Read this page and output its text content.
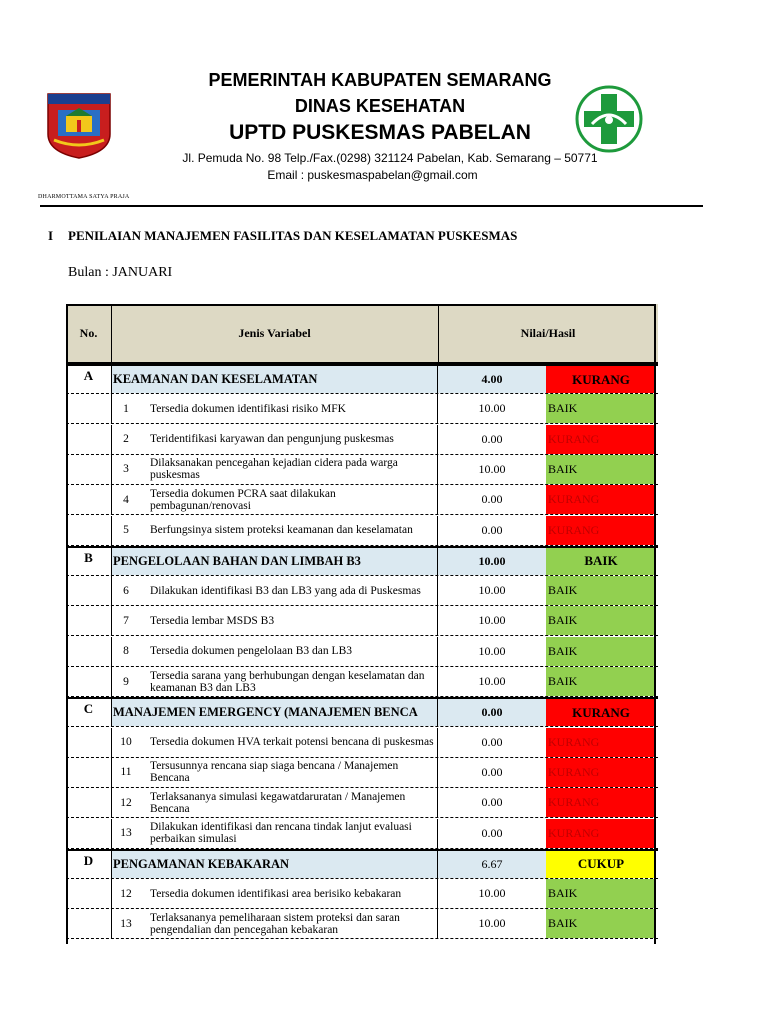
DHARMOTTAMA SATYA PRAJA
PEMERINTAH KABUPATEN SEMARANG
DINAS KESEHATAN
UPTD PUSKESMAS PABELAN
Jl. Pemuda No. 98 Telp./Fax.(0298) 321124 Pabelan, Kab. Semarang – 50771
Email : puskesmaspabelan@gmail.com
I PENILAIAN MANAJEMEN FASILITAS DAN KESELAMATAN PUSKESMAS
Bulan : JANUARI
No.	Jenis Variabel	Nilai/Hasil
A	KEAMANAN DAN KESELAMATAN	4.00	KURANG
1	Tersedia dokumen identifikasi risiko MFK	10.00	BAIK
2	Teridentifikasi karyawan dan pengunjung puskesmas	0.00	KURANG
3	Dilaksanakan pencegahan kejadian cidera pada warga puskesmas	10.00	BAIK
4	Tersedia dokumen PCRA saat dilakukan pembagunan/renovasi	0.00	KURANG
5	Berfungsinya sistem proteksi keamanan dan keselamatan	0.00	KURANG
B	PENGELOLAAN BAHAN DAN LIMBAH B3	10.00	BAIK
6	Dilakukan identifikasi B3 dan LB3 yang ada di Puskesmas	10.00	BAIK
7	Tersedia lembar MSDS B3	10.00	BAIK
8	Tersedia dokumen pengelolaan B3 dan LB3	10.00	BAIK
9	Tersedia sarana yang berhubungan dengan keselamatan dan keamanan B3 dan LB3	10.00	BAIK
C	MANAJEMEN EMERGENCY (MANAJEMEN BENCA	0.00	KURANG
10	Tersedia dokumen HVA terkait potensi bencana di puskesmas	0.00	KURANG
11	Tersusunnya rencana siap siaga bencana / Manajemen Bencana	0.00	KURANG
12	Terlaksananya simulasi kegawatdaruratan / Manajemen Bencana	0.00	KURANG
13	Dilakukan identifikasi dan rencana tindak lanjut evaluasi perbaikan simulasi	0.00	KURANG
D	PENGAMANAN KEBAKARAN	6.67	CUKUP
12	Tersedia dokumen identifikasi area berisiko kebakaran	10.00	BAIK
13	Terlaksananya pemeliharaan sistem proteksi dan saran pengendalian dan pencegahan kebakaran	10.00	BAIK
